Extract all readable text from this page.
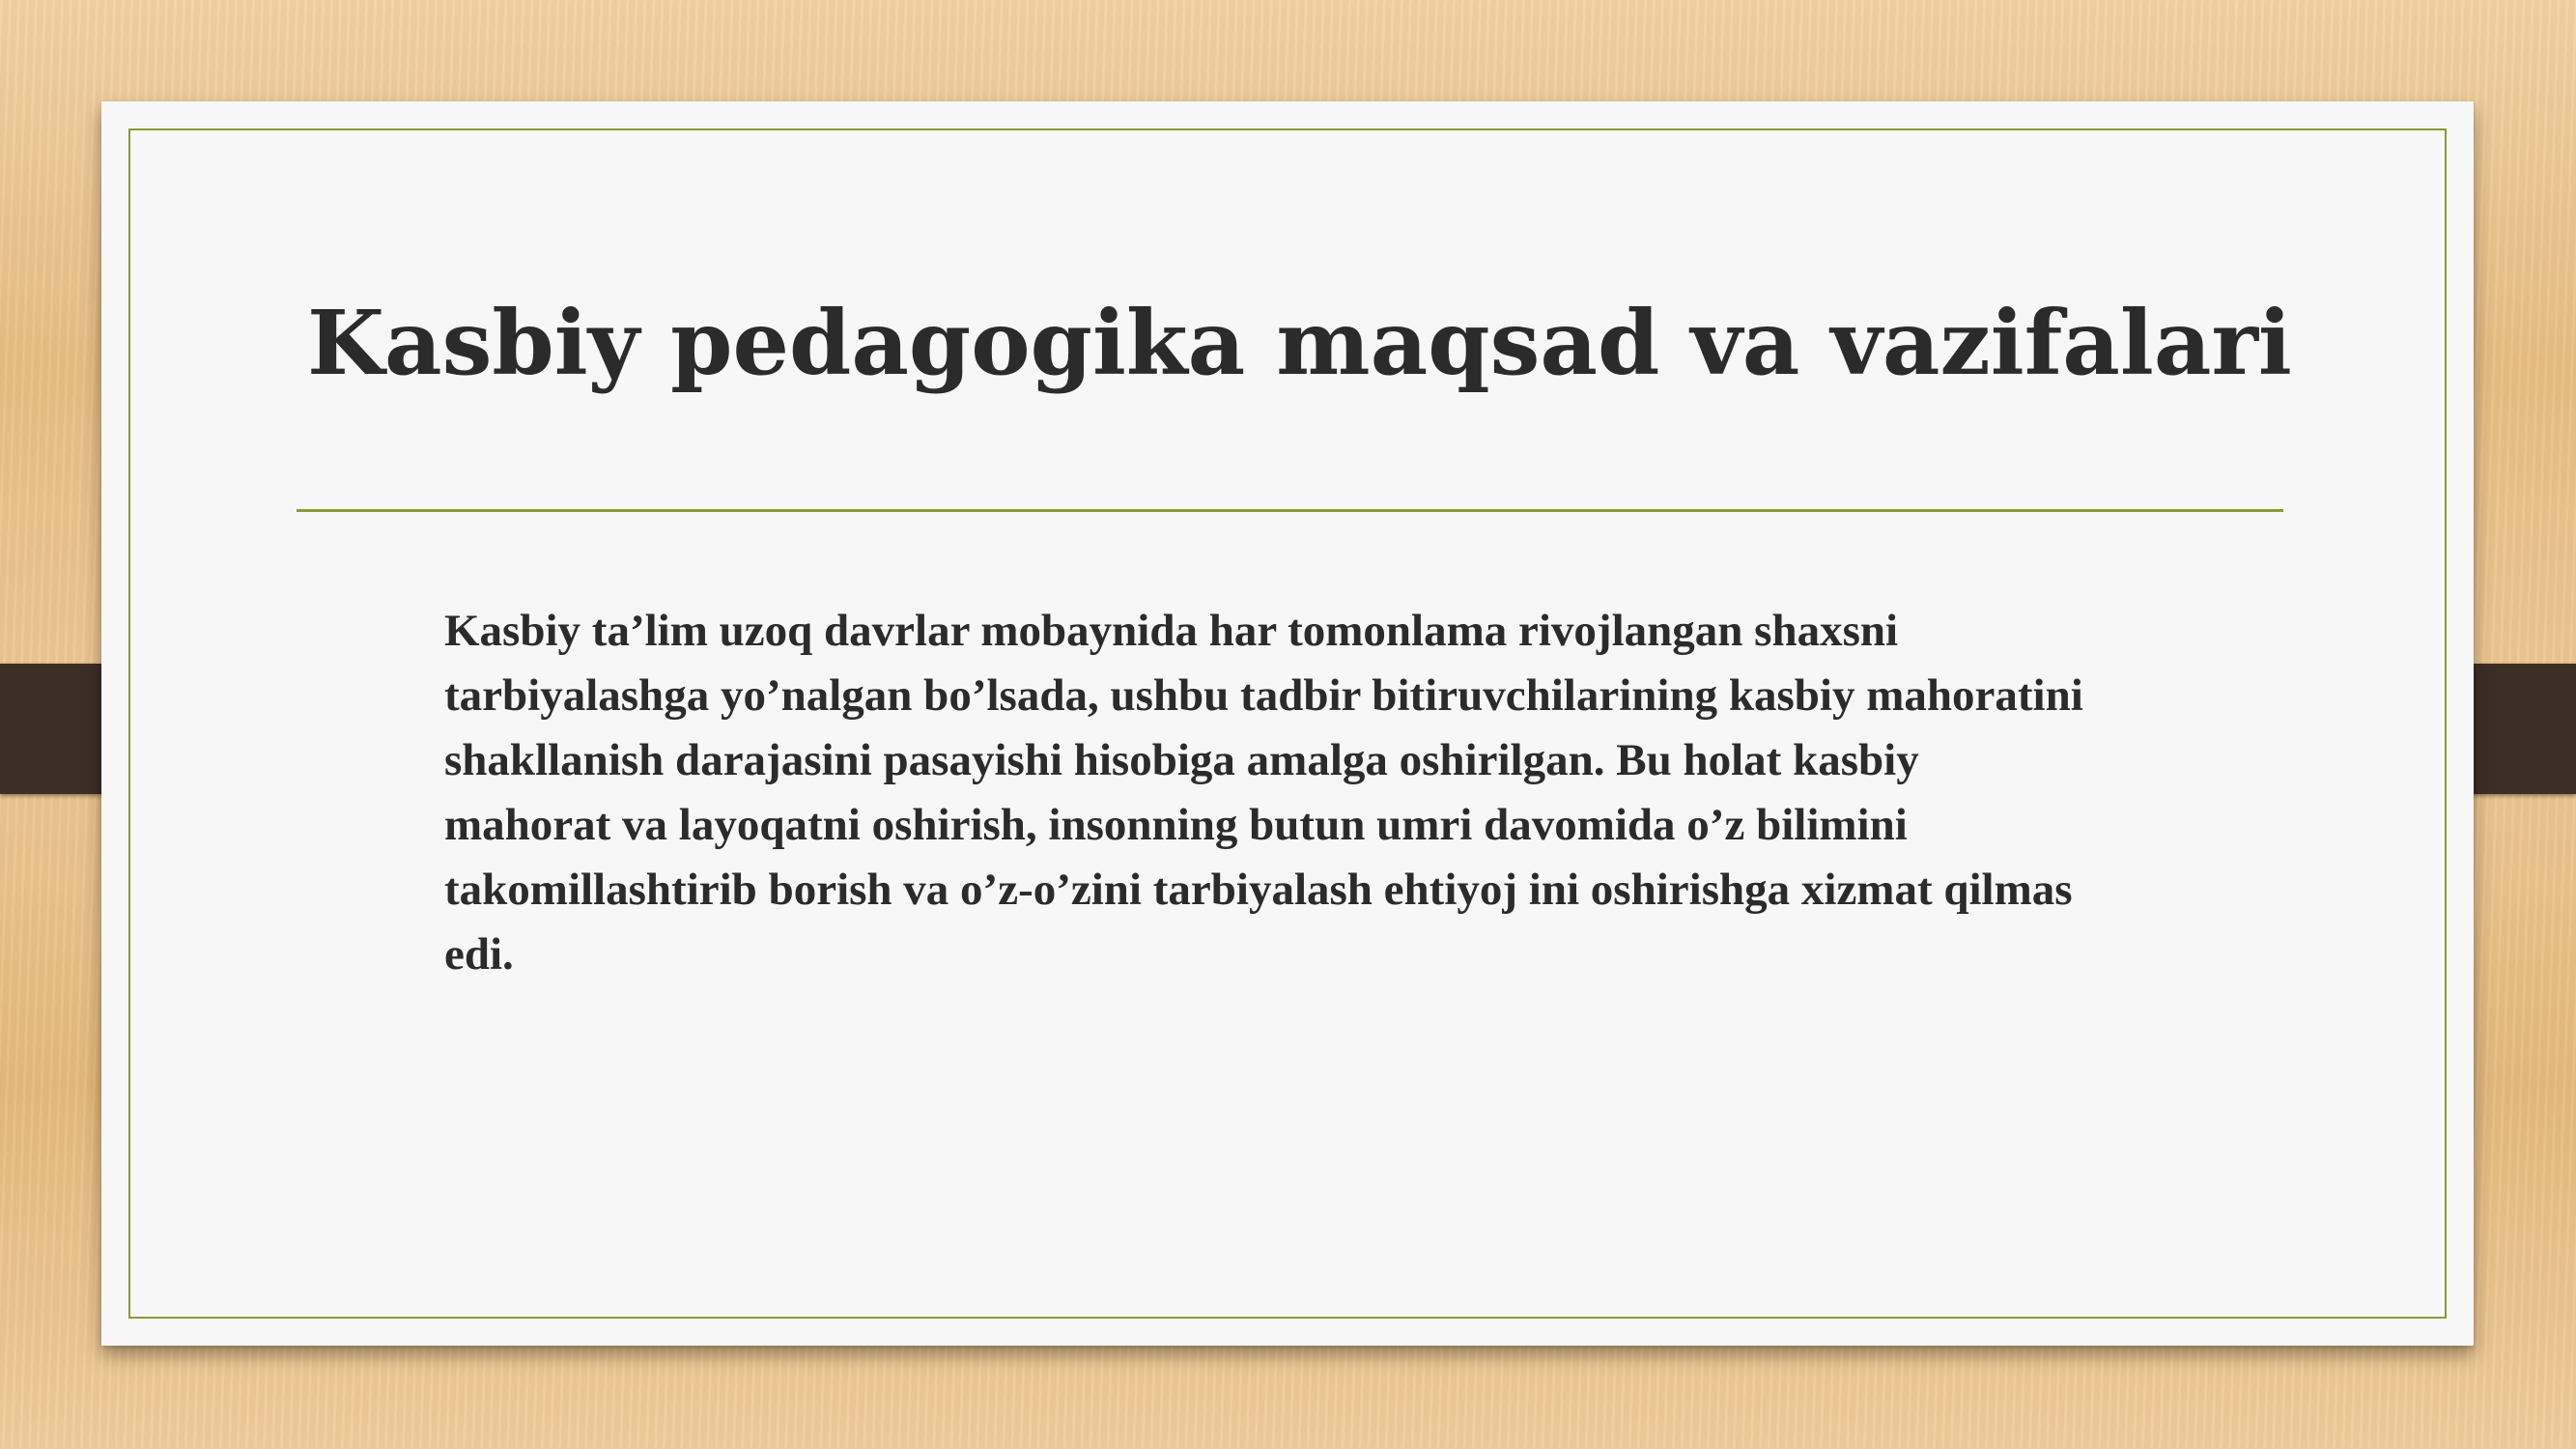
Kasbiy pedagogika maqsad va vazifalari

Kasbiy ta’lim uzoq davrlar mobaynida har tomonlama rivojlangan shaxsni tarbiyalashga yo’nalgan bo’lsada, ushbu tadbir bitiruvchilarining kasbiy mahoratini shakllanish darajasini pasayishi hisobiga amalga oshirilgan. Bu holat kasbiy mahorat va layoqatni oshirish, insonning butun umri davomida o’z bilimini takomillashtirib borish va o’z-o’zini tarbiyalash ehtiyoj ini oshirishga xizmat qilmas edi.
